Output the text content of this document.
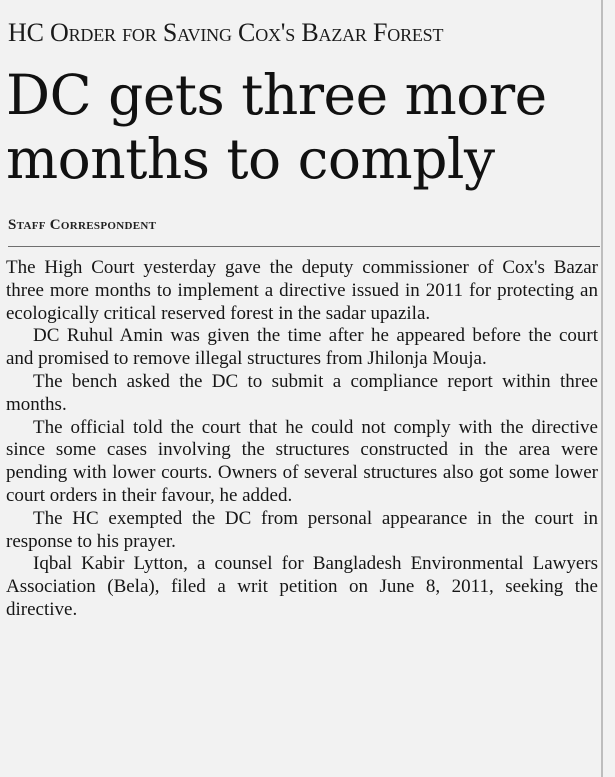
HC Order for Saving Cox's Bazar Forest
DC gets three more
months to comply
Staff Correspondent

The High Court yesterday gave the deputy commissioner of Cox's Bazar three more months to implement a directive issued in 2011 for protecting an ecologically critical reserved forest in the sadar upazila.

DC Ruhul Amin was given the time after he appeared before the court and promised to remove illegal structures from Jhilonja Mouja.

The bench asked the DC to submit a compliance report within three months.

The official told the court that he could not comply with the directive since some cases involving the structures constructed in the area were pending with lower courts. Owners of several structures also got some lower court orders in their favour, he added.

The HC exempted the DC from personal appearance in the court in response to his prayer.

Iqbal Kabir Lytton, a counsel for Bangladesh Environmental Lawyers Association (Bela), filed a writ petition on June 8, 2011, seeking the directive.
